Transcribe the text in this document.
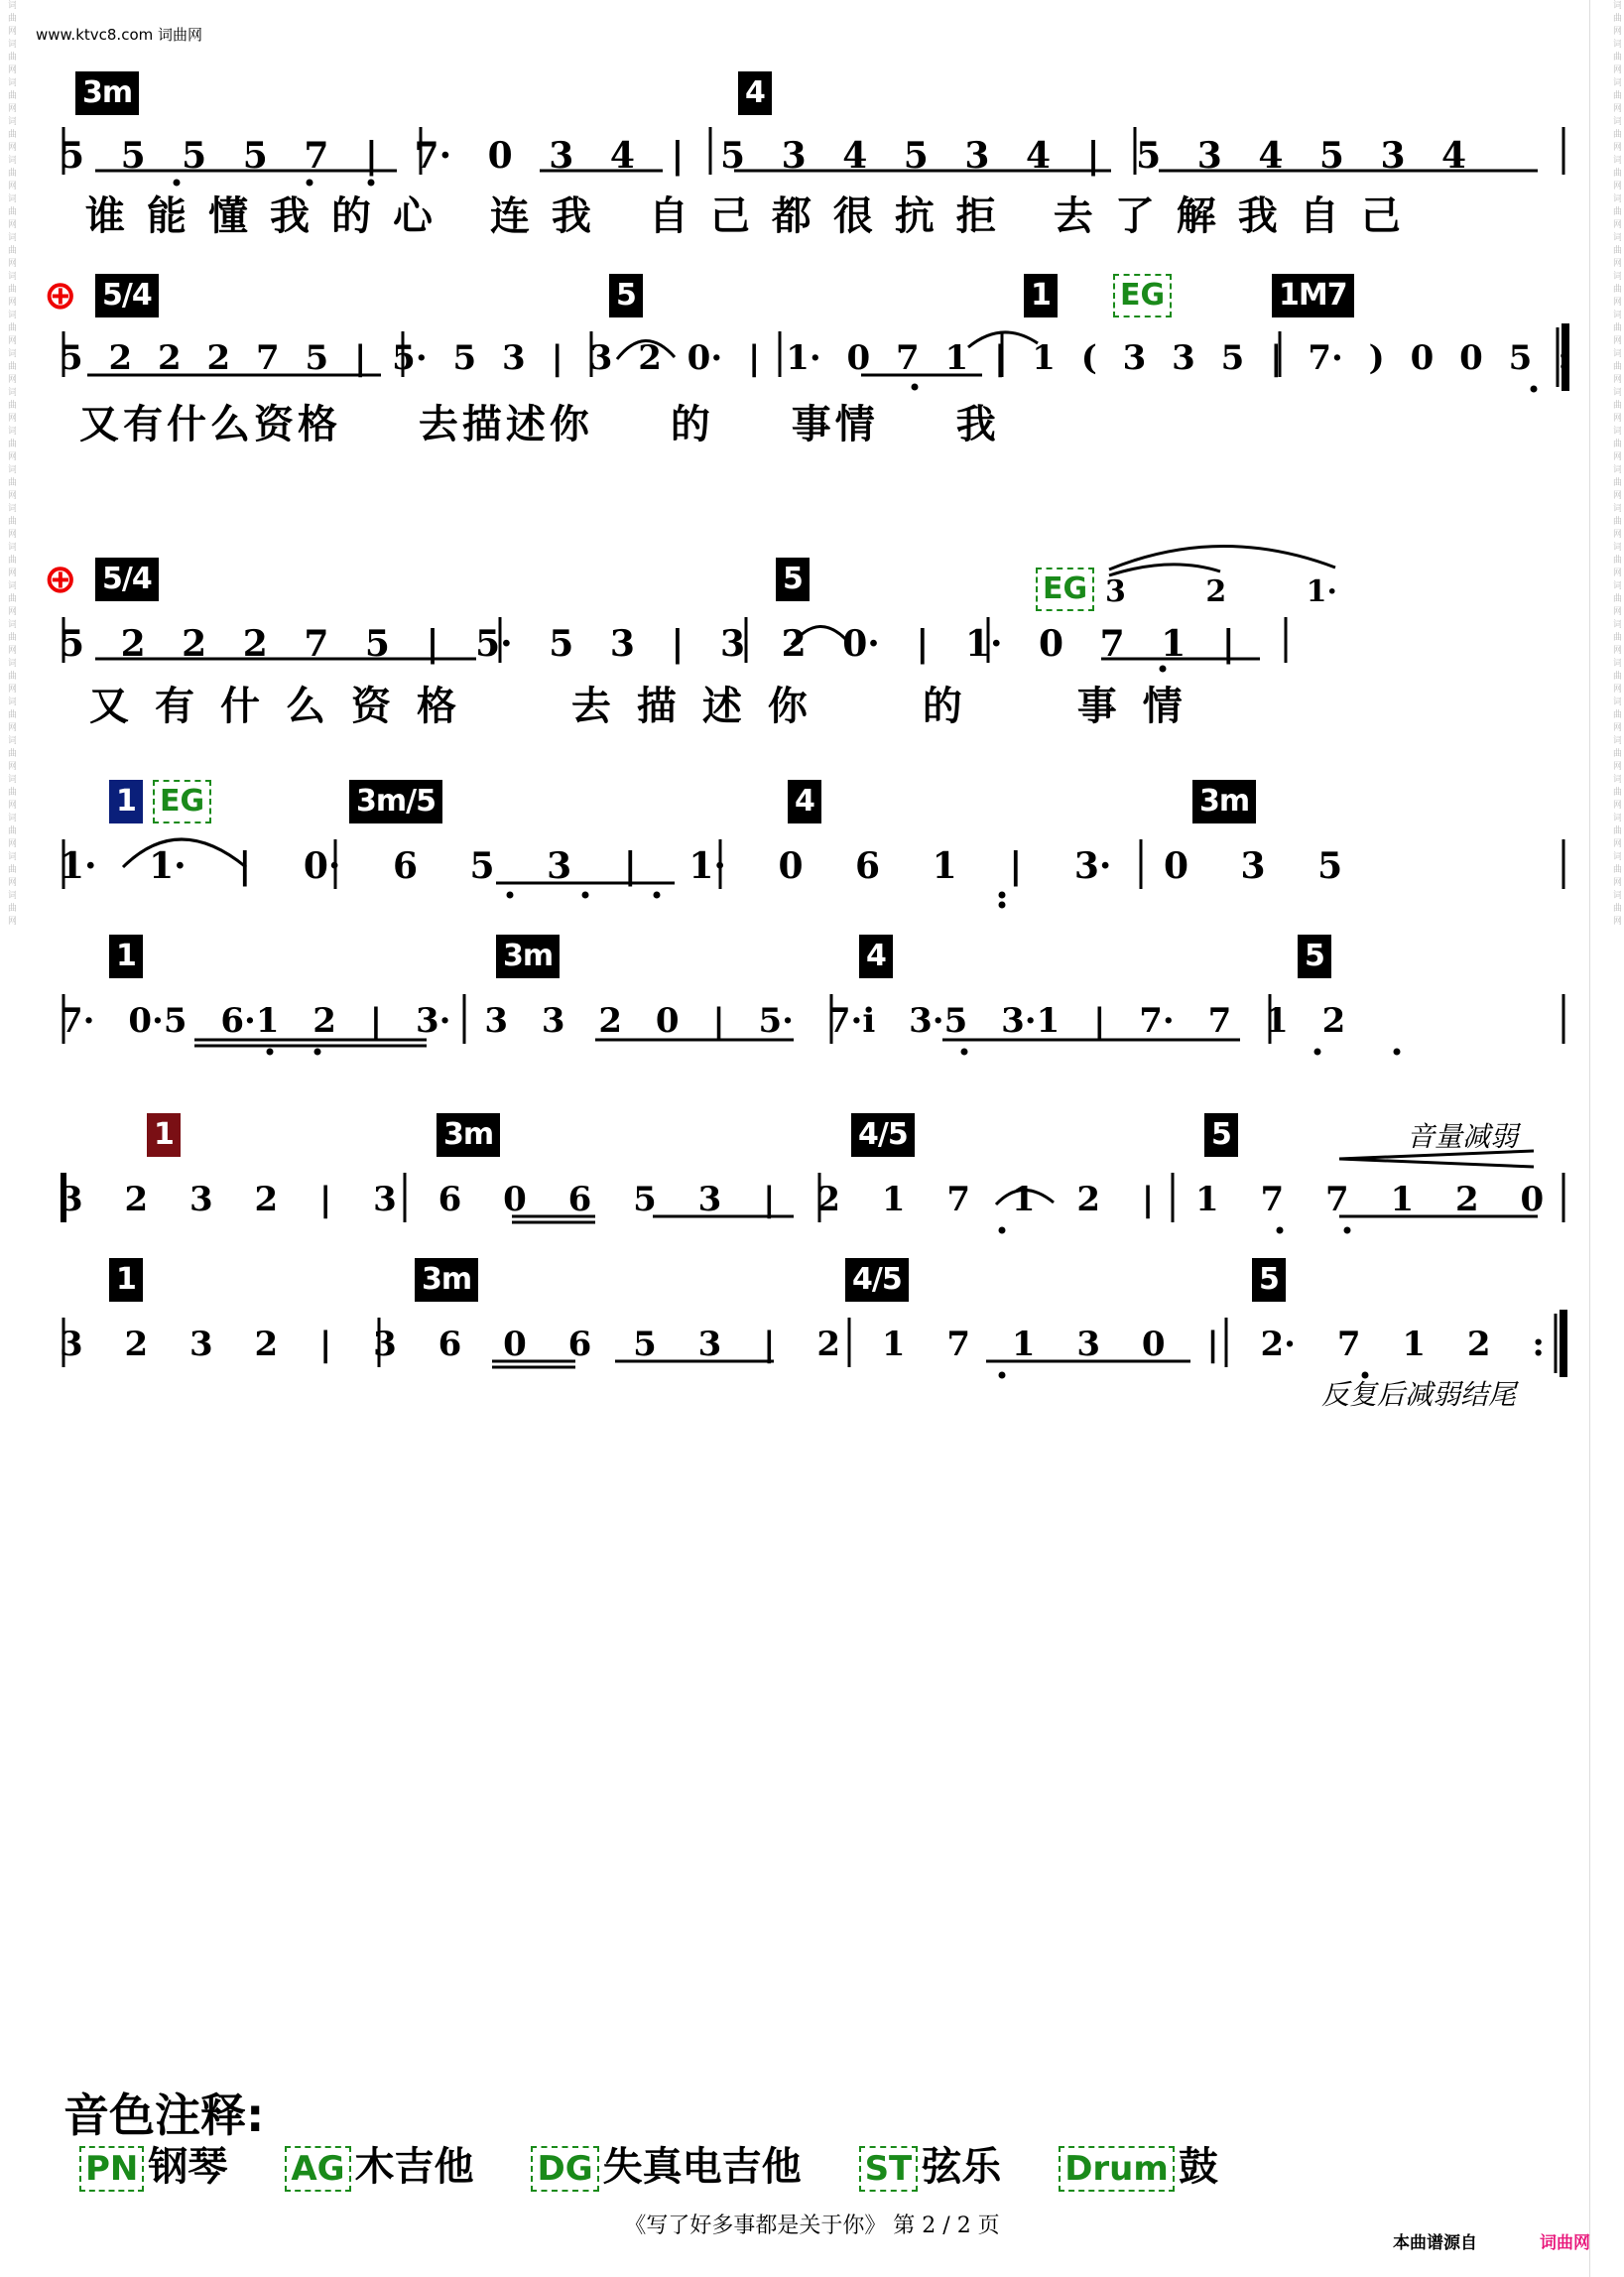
词曲网词曲网词曲网词曲网词曲网词曲网词曲网词曲网词曲网词曲网词曲网词曲网词曲网词曲网词曲网词曲网词曲网词曲网词曲网词曲网词曲网词曲网词曲网词曲网	词曲网词曲网词曲网词曲网词曲网词曲网词曲网词曲网词曲网词曲网词曲网词曲网词曲网词曲网词曲网词曲网词曲网词曲网词曲网词曲网词曲网词曲网词曲网词曲网
www.ktvc8.com 词曲网
3m	4
5 5 5 5 7 | 7· 0 3 4 | 5 3 4 5 3 4 | 5 3 4 5 3 4
谁能懂我的心 连我 自己都很抗拒 去了解我自己
⊕ 5/4	5	1 EG	1M7
5 2 2 2 7 5 | 5· 5 3 | 3 2 0· | 1· 0 7 1 | 1 ( 3 3 5 | 7· ) 0 0 5 :
又有什么资格 去描述你 的 事情 我
⊕ 5/4	5	EG 3 2 1·
5 2 2 2 7 5 | 5· 5 3 | 3 2 0· | 1· 0 7 1 |
又有什么资格 去描述你 的 事情
1 EG	3m/5	4	3m
1· 1· | 0· 6 5 3 | 1· 0 6 1 | 3· 0 3 5
1	3m	4	5
7· 0·5 6·1 2 | 3· 3 3 2 0 | 5· 7·i 3·5 3·1 | 7· 7 1 2
1	3m	4/5	5	音量减弱
3 2 3 2 | 3 6 0 6 5 3 | 2 1 7 1 2 | 1 7 7 1 2 0
1	3m	4/5	5
3 2 3 2 | 3 6 0 6 5 3 | 2 1 7 1 3 0 | 2· 7 1 2 :
反复后减弱结尾
音色注释:
PN 钢琴 AG 木吉他 DG 失真电吉他 ST 弦乐 Drum 鼓
《写了好多事都是关于你》 第 2 / 2 页
本曲谱源自	词曲网
